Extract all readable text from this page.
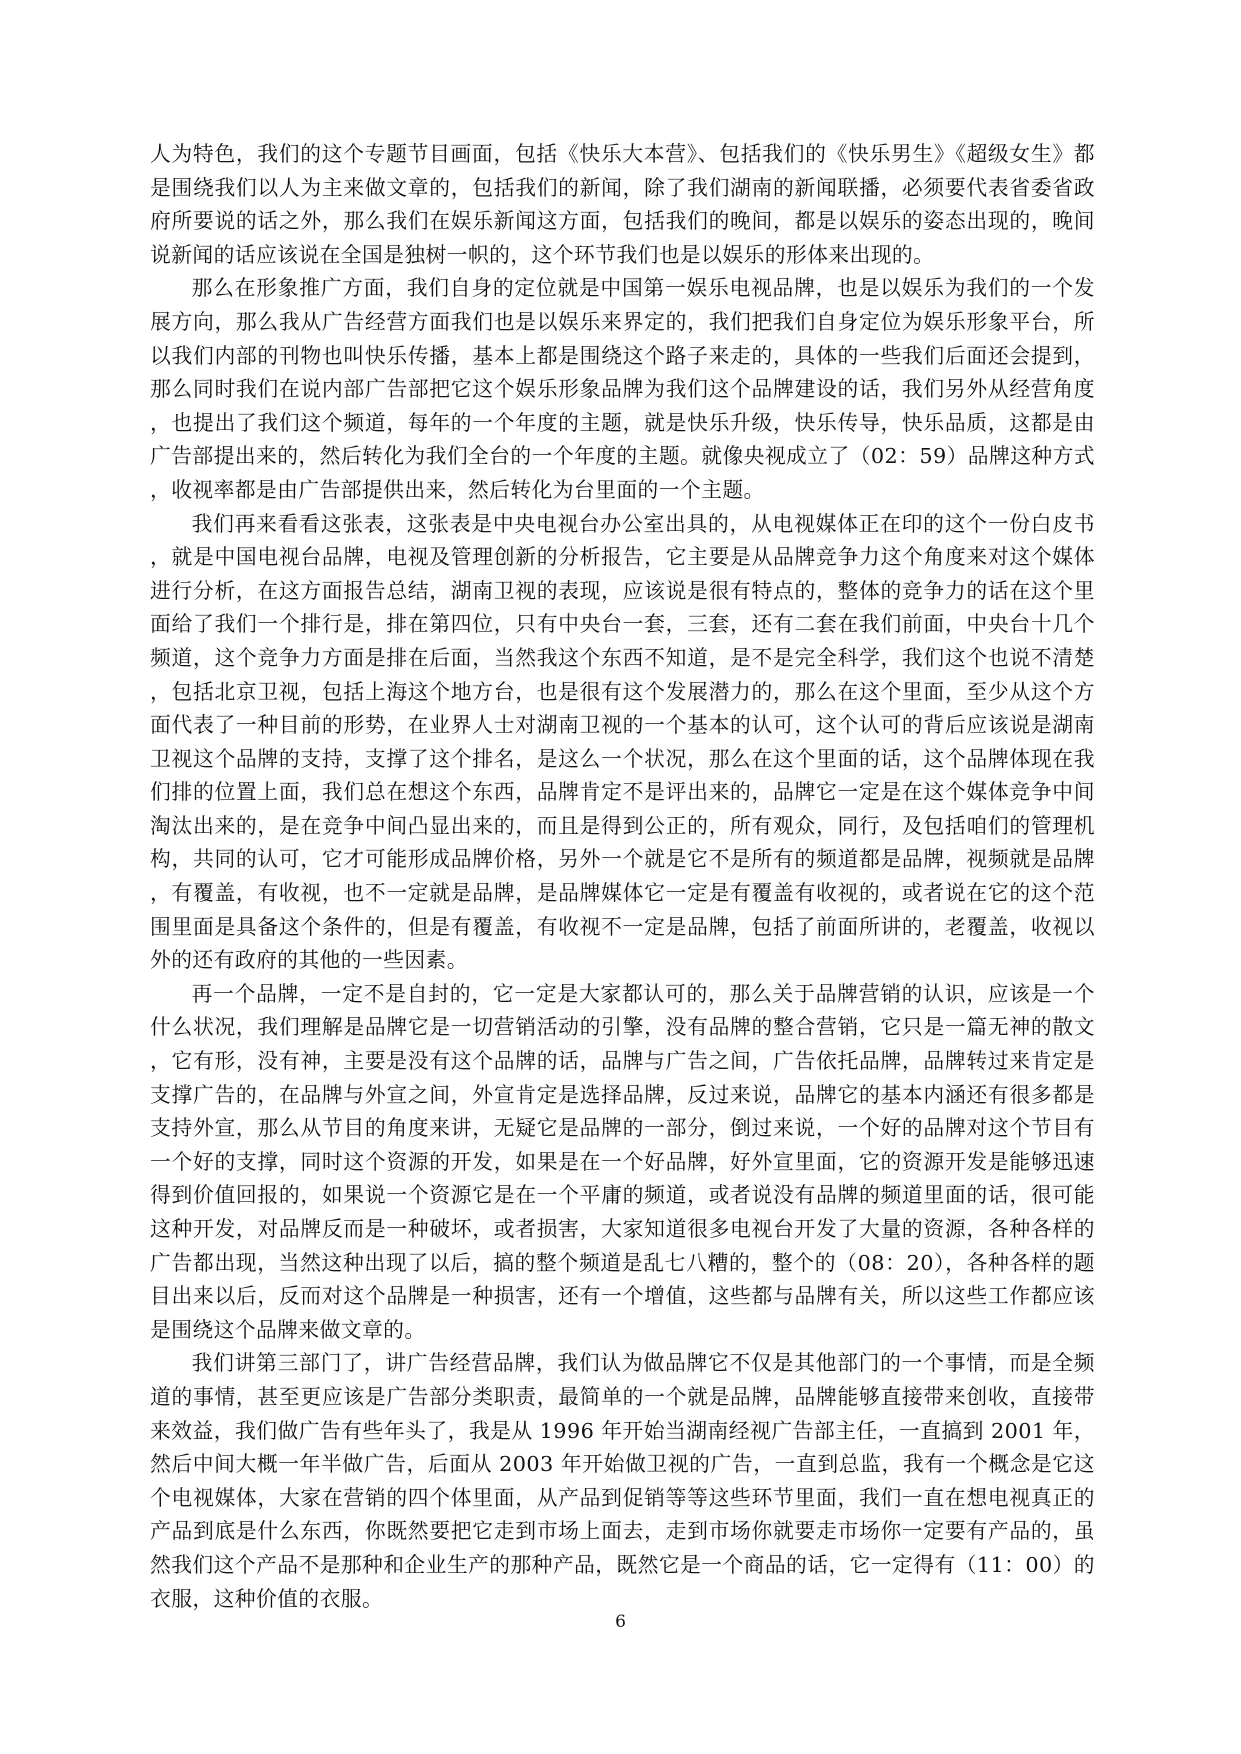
人为特色，我们的这个专题节目画面，包括《快乐大本营》、包括我们的《快乐男生》《超级女生》都是围绕我们以人为主来做文章的，包括我们的新闻，除了我们湖南的新闻联播，必须要代表省委省政府所要说的话之外，那么我们在娱乐新闻这方面，包括我们的晚间，都是以娱乐的姿态出现的，晚间说新闻的话应该说在全国是独树一帜的，这个环节我们也是以娱乐的形体来出现的。

那么在形象推广方面，我们自身的定位就是中国第一娱乐电视品牌，也是以娱乐为我们的一个发展方向，那么我从广告经营方面我们也是以娱乐来界定的，我们把我们自身定位为娱乐形象平台，所以我们内部的刊物也叫快乐传播，基本上都是围绕这个路子来走的，具体的一些我们后面还会提到，那么同时我们在说内部广告部把它这个娱乐形象品牌为我们这个品牌建设的话，我们另外从经营角度，也提出了我们这个频道，每年的一个年度的主题，就是快乐升级，快乐传导，快乐品质，这都是由广告部提出来的，然后转化为我们全台的一个年度的主题。就像央视成立了（02：59）品牌这种方式，收视率都是由广告部提供出来，然后转化为台里面的一个主题。

我们再来看看这张表，这张表是中央电视台办公室出具的，从电视媒体正在印的这个一份白皮书，就是中国电视台品牌，电视及管理创新的分析报告，它主要是从品牌竞争力这个角度来对这个媒体进行分析，在这方面报告总结，湖南卫视的表现，应该说是很有特点的，整体的竞争力的话在这个里面给了我们一个排行是，排在第四位，只有中央台一套，三套，还有二套在我们前面，中央台十几个频道，这个竞争力方面是排在后面，当然我这个东西不知道，是不是完全科学，我们这个也说不清楚，包括北京卫视，包括上海这个地方台，也是很有这个发展潜力的，那么在这个里面，至少从这个方面代表了一种目前的形势，在业界人士对湖南卫视的一个基本的认可，这个认可的背后应该说是湖南卫视这个品牌的支持，支撑了这个排名，是这么一个状况，那么在这个里面的话，这个品牌体现在我们排的位置上面，我们总在想这个东西，品牌肯定不是评出来的，品牌它一定是在这个媒体竞争中间淘汰出来的，是在竞争中间凸显出来的，而且是得到公正的，所有观众，同行，及包括咱们的管理机构，共同的认可，它才可能形成品牌价格，另外一个就是它不是所有的频道都是品牌，视频就是品牌，有覆盖，有收视，也不一定就是品牌，是品牌媒体它一定是有覆盖有收视的，或者说在它的这个范围里面是具备这个条件的，但是有覆盖，有收视不一定是品牌，包括了前面所讲的，老覆盖，收视以外的还有政府的其他的一些因素。

再一个品牌，一定不是自封的，它一定是大家都认可的，那么关于品牌营销的认识，应该是一个什么状况，我们理解是品牌它是一切营销活动的引擎，没有品牌的整合营销，它只是一篇无神的散文，它有形，没有神，主要是没有这个品牌的话，品牌与广告之间，广告依托品牌，品牌转过来肯定是支撑广告的，在品牌与外宣之间，外宣肯定是选择品牌，反过来说，品牌它的基本内涵还有很多都是支持外宣，那么从节目的角度来讲，无疑它是品牌的一部分，倒过来说，一个好的品牌对这个节目有一个好的支撑，同时这个资源的开发，如果是在一个好品牌，好外宣里面，它的资源开发是能够迅速得到价值回报的，如果说一个资源它是在一个平庸的频道，或者说没有品牌的频道里面的话，很可能这种开发，对品牌反而是一种破坏，或者损害，大家知道很多电视台开发了大量的资源，各种各样的广告都出现，当然这种出现了以后，搞的整个频道是乱七八糟的，整个的（08：20），各种各样的题目出来以后，反而对这个品牌是一种损害，还有一个增值，这些都与品牌有关，所以这些工作都应该是围绕这个品牌来做文章的。

我们讲第三部门了，讲广告经营品牌，我们认为做品牌它不仅是其他部门的一个事情，而是全频道的事情，甚至更应该是广告部分类职责，最简单的一个就是品牌，品牌能够直接带来创收，直接带来效益，我们做广告有些年头了，我是从 1996 年开始当湖南经视广告部主任，一直搞到 2001 年，然后中间大概一年半做广告，后面从 2003 年开始做卫视的广告，一直到总监，我有一个概念是它这个电视媒体，大家在营销的四个体里面，从产品到促销等等这些环节里面，我们一直在想电视真正的产品到底是什么东西，你既然要把它走到市场上面去，走到市场你就要走市场你一定要有产品的，虽然我们这个产品不是那种和企业生产的那种产品，既然它是一个商品的话，它一定得有（11：00）的衣服，这种价值的衣服。

6
